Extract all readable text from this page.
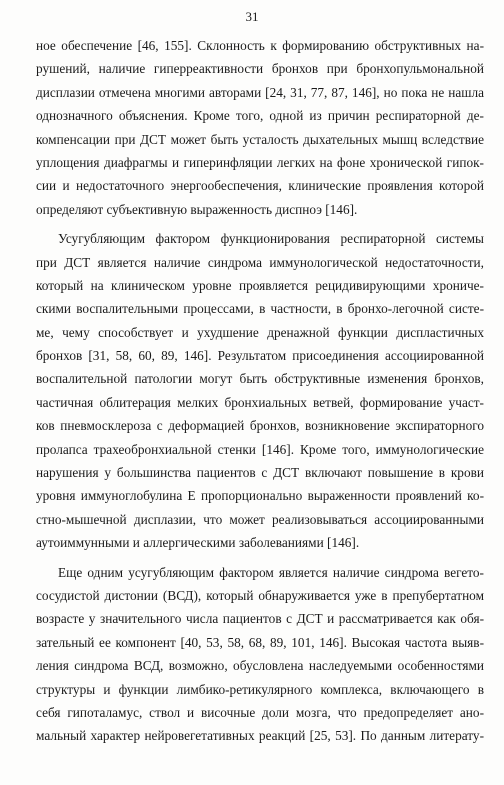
31
ное обеспечение [46, 155]. Склонность к формированию обструктивных на-
рушений, наличие гиперреактивности бронхов при бронхопульмональной
дисплазии отмечена многими авторами [24, 31, 77, 87, 146], но пока не нашла
однозначного объяснения. Кроме того, одной из причин респираторной де-
компенсации при ДСТ может быть усталость дыхательных мышц вследствие
уплощения диафрагмы и гиперинфляции легких на фоне хронической гипок-
сии и недостаточного энергообеспечения, клинические проявления которой
определяют субъективную выраженность диспноэ [146].
Усугубляющим фактором функционирования респираторной системы
при ДСТ является наличие синдрома иммунологической недостаточности,
который на клиническом уровне проявляется рецидивирующими хрониче-
скими воспалительными процессами, в частности, в бронхо-легочной систе-
ме, чему способствует и ухудшение дренажной функции диспластичных
бронхов [31, 58, 60, 89, 146]. Результатом присоединения ассоциированной
воспалительной патологии могут быть обструктивные изменения бронхов,
частичная облитерация мелких бронхиальных ветвей, формирование участ-
ков пневмосклероза с деформацией бронхов, возникновение экспираторного
пролапса трахеобронхиальной стенки [146]. Кроме того, иммунологические
нарушения у большинства пациентов с ДСТ включают повышение в крови
уровня иммуноглобулина Е пропорционально выраженности проявлений ко-
стно-мышечной дисплазии, что может реализовываться ассоциированными
аутоиммунными и аллергическими заболеваниями [146].
Еще одним усугубляющим фактором является наличие синдрома вегето-
сосудистой дистонии (ВСД), который обнаруживается уже в препубертатном
возрасте у значительного числа пациентов с ДСТ и рассматривается как обя-
зательный ее компонент [40, 53, 58, 68, 89, 101, 146]. Высокая частота выяв-
ления синдрома ВСД, возможно, обусловлена наследуемыми особенностями
структуры и функции лимбико-ретикулярного комплекса, включающего в
себя гипоталамус, ствол и височные доли мозга, что предопределяет ано-
мальный характер нейровегетативных реакций [25, 53]. По данным литерату-
